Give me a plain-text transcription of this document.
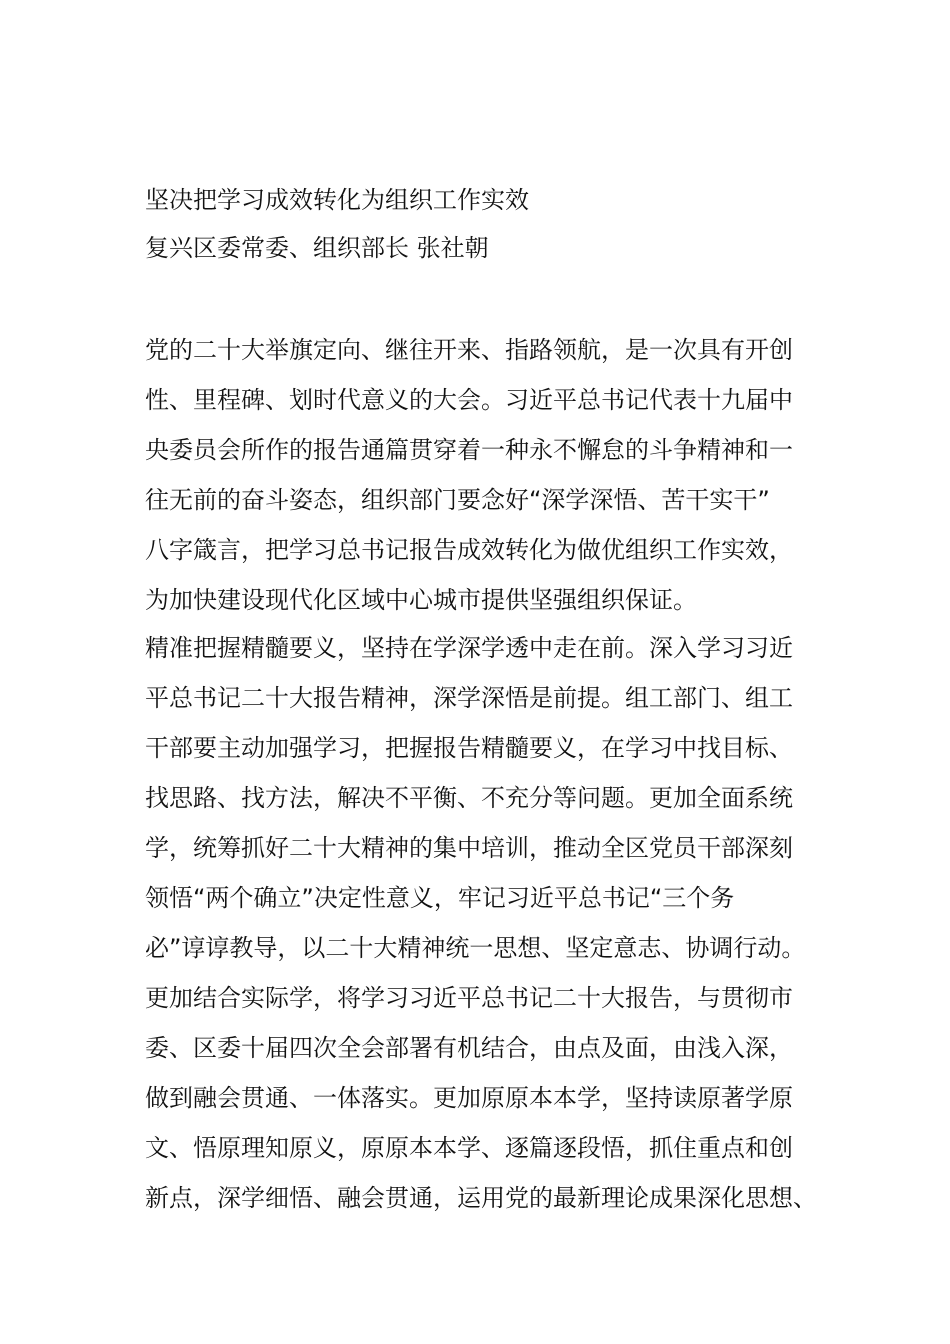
坚决把学习成效转化为组织工作实效
复兴区委常委、组织部长 张社朝
党的二十大举旗定向、继往开来、指路领航，是一次具有开创
性、里程碑、划时代意义的大会。习近平总书记代表十九届中
央委员会所作的报告通篇贯穿着一种永不懈怠的斗争精神和一
往无前的奋斗姿态，组织部门要念好“深学深悟、苦干实干”
八字箴言，把学习总书记报告成效转化为做优组织工作实效，
为加快建设现代化区域中心城市提供坚强组织保证。
精准把握精髓要义，坚持在学深学透中走在前。深入学习习近
平总书记二十大报告精神，深学深悟是前提。组工部门、组工
干部要主动加强学习，把握报告精髓要义，在学习中找目标、
找思路、找方法，解决不平衡、不充分等问题。更加全面系统
学，统筹抓好二十大精神的集中培训，推动全区党员干部深刻
领悟“两个确立”决定性意义，牢记习近平总书记“三个务
必”谆谆教导，以二十大精神统一思想、坚定意志、协调行动。
更加结合实际学，将学习习近平总书记二十大报告，与贯彻市
委、区委十届四次全会部署有机结合，由点及面，由浅入深，
做到融会贯通、一体落实。更加原原本本学，坚持读原著学原
文、悟原理知原义，原原本本学、逐篇逐段悟，抓住重点和创
新点，深学细悟、融会贯通，运用党的最新理论成果深化思想、
